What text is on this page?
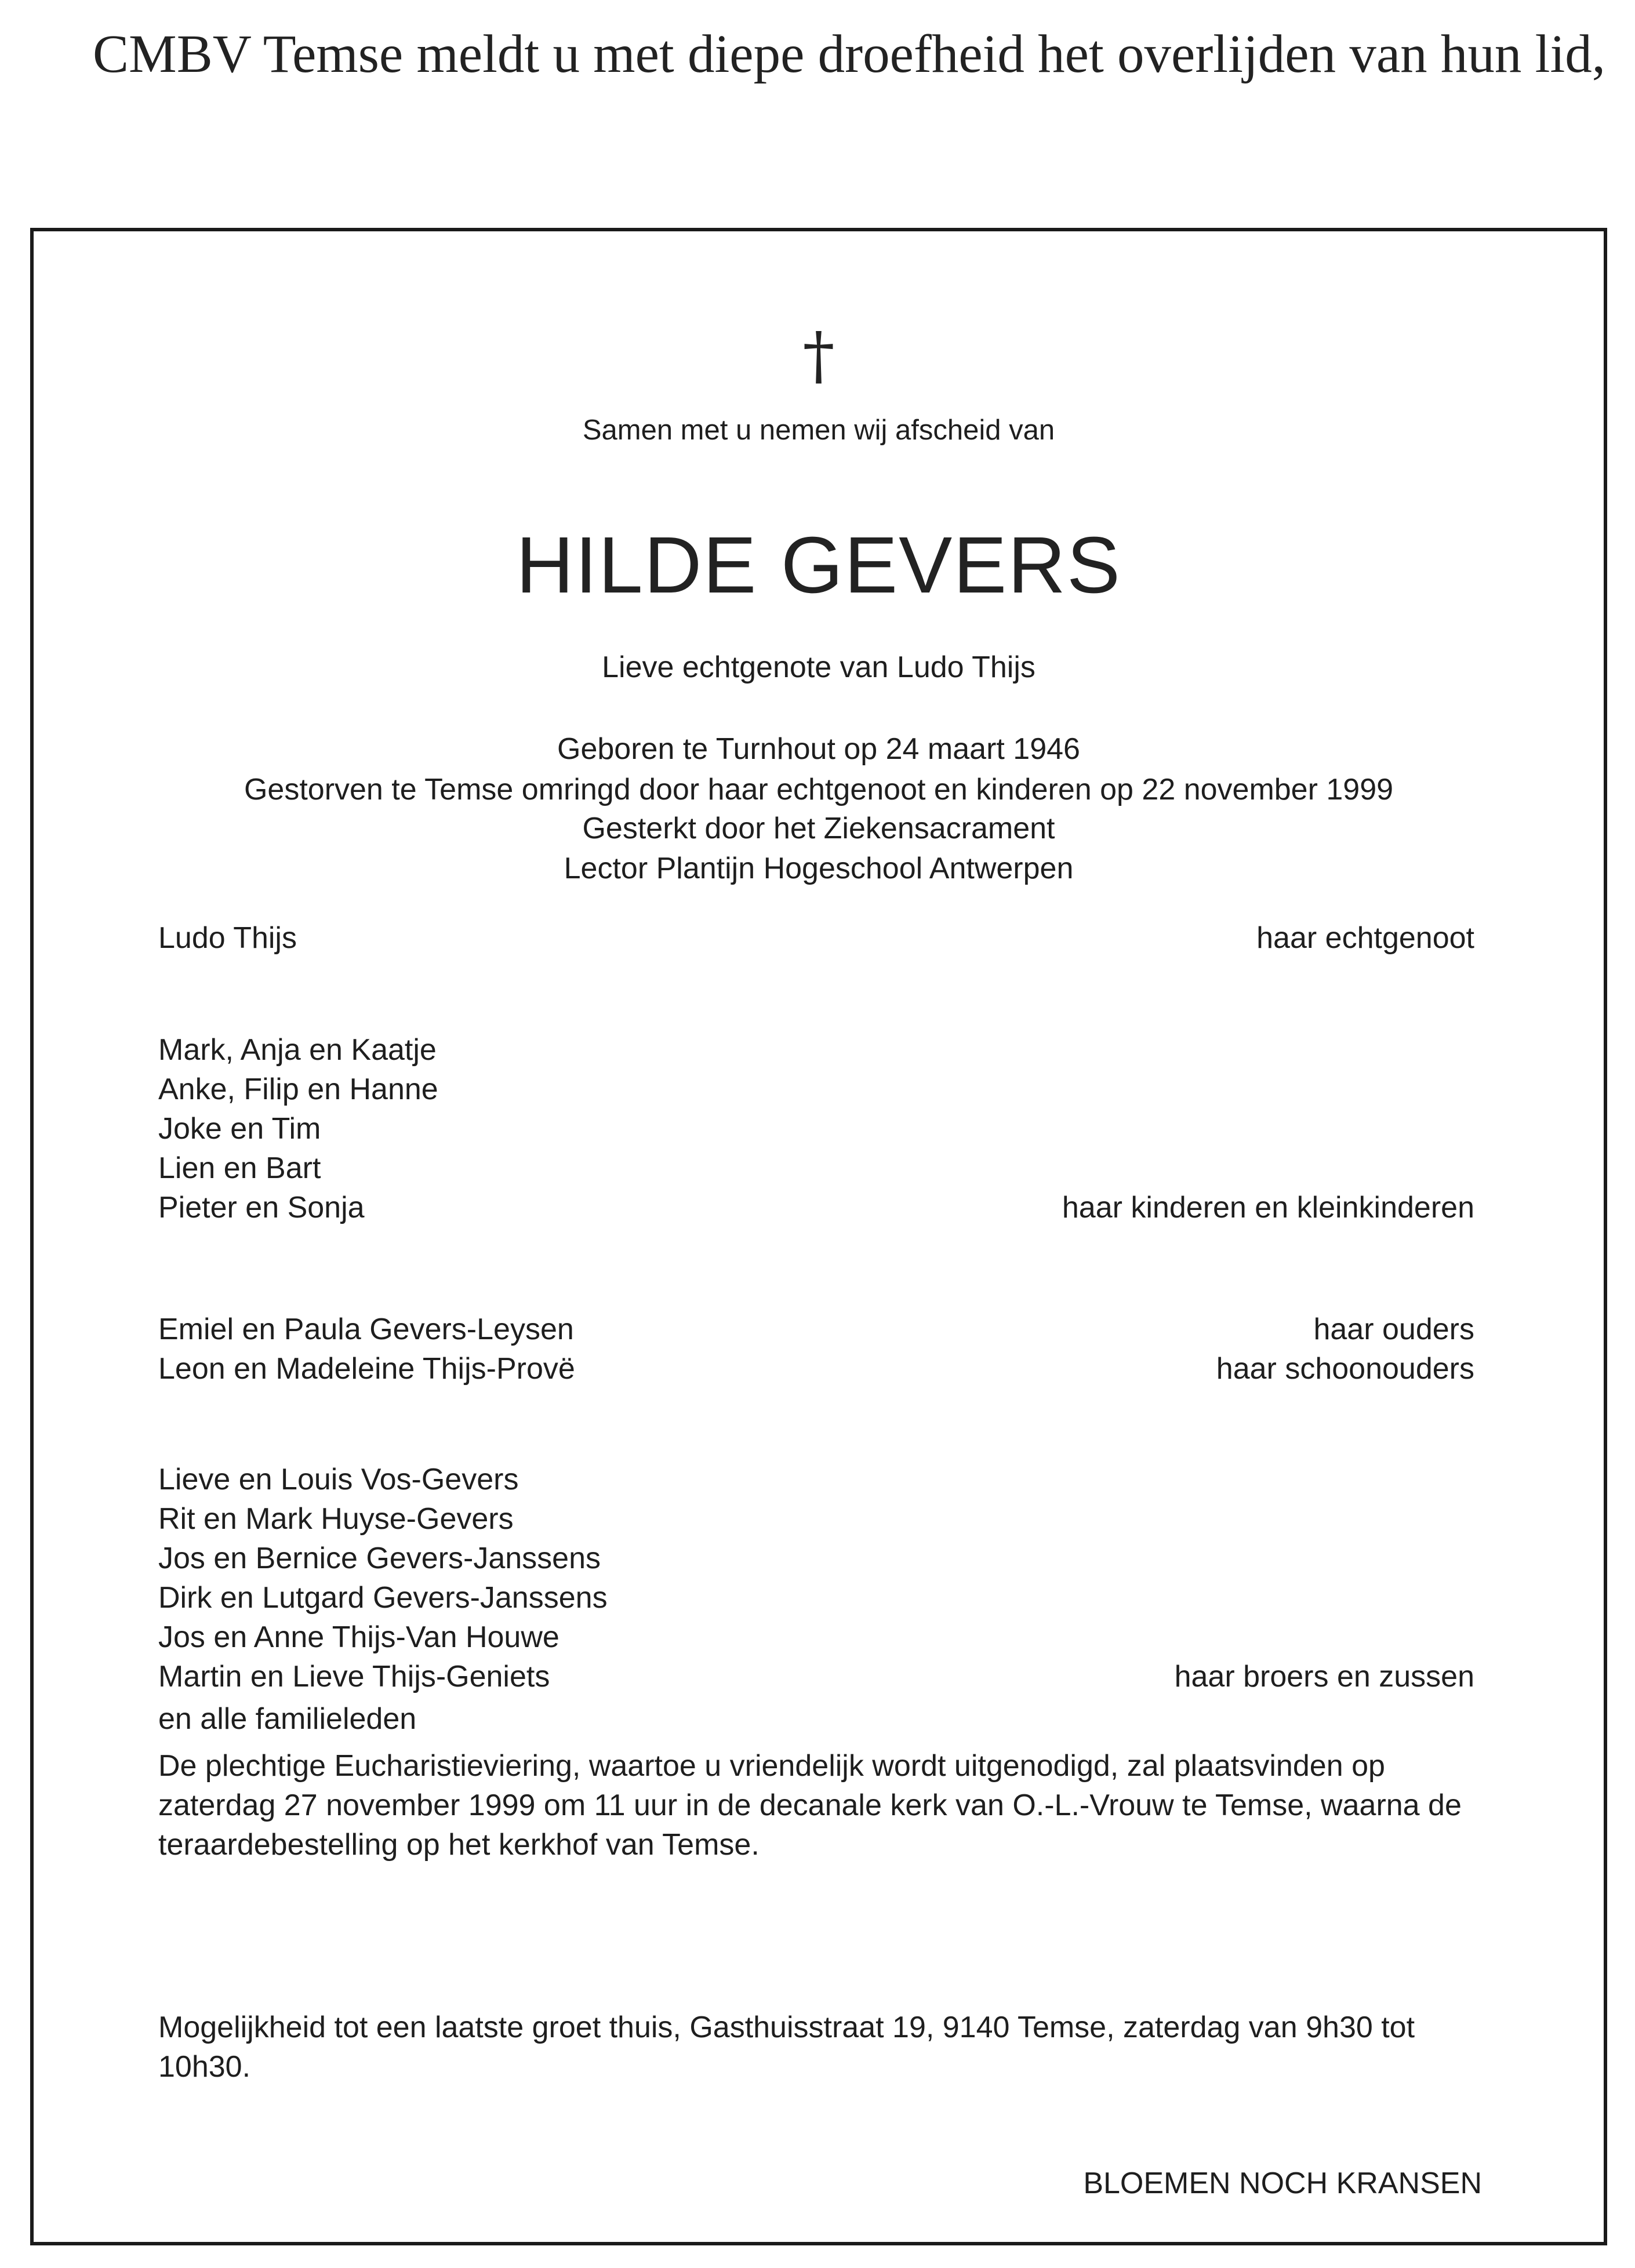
CMBV Temse meldt u met diepe droefheid het overlijden van hun lid,
†
Samen met u nemen wij afscheid van
HILDE GEVERS
Lieve echtgenote van Ludo Thijs
Geboren te Turnhout op 24 maart 1946
Gestorven te Temse omringd door haar echtgenoot en kinderen op 22 november 1999
Gesterkt door het Ziekensacrament
Lector Plantijn Hogeschool Antwerpen
Ludo Thijs	haar echtgenoot
Mark, Anja en Kaatje
Anke, Filip en Hanne
Joke en Tim
Lien en Bart
Pieter en Sonja	haar kinderen en kleinkinderen
Emiel en Paula Gevers-Leysen	haar ouders
Leon en Madeleine Thijs-Provë	haar schoonouders
Lieve en Louis Vos-Gevers
Rit en Mark Huyse-Gevers
Jos en Bernice Gevers-Janssens
Dirk en Lutgard Gevers-Janssens
Jos en Anne Thijs-Van Houwe
Martin en Lieve Thijs-Geniets	haar broers en zussen
en alle familieleden
De plechtige Eucharistieviering, waartoe u vriendelijk wordt uitgenodigd, zal plaatsvinden op zaterdag 27 november 1999 om 11 uur in de decanale kerk van O.-L.-Vrouw te Temse, waarna de teraardebestelling op het kerkhof van Temse.
Mogelijkheid tot een laatste groet thuis, Gasthuisstraat 19, 9140 Temse, zaterdag van 9h30 tot 10h30.
BLOEMEN NOCH KRANSEN
